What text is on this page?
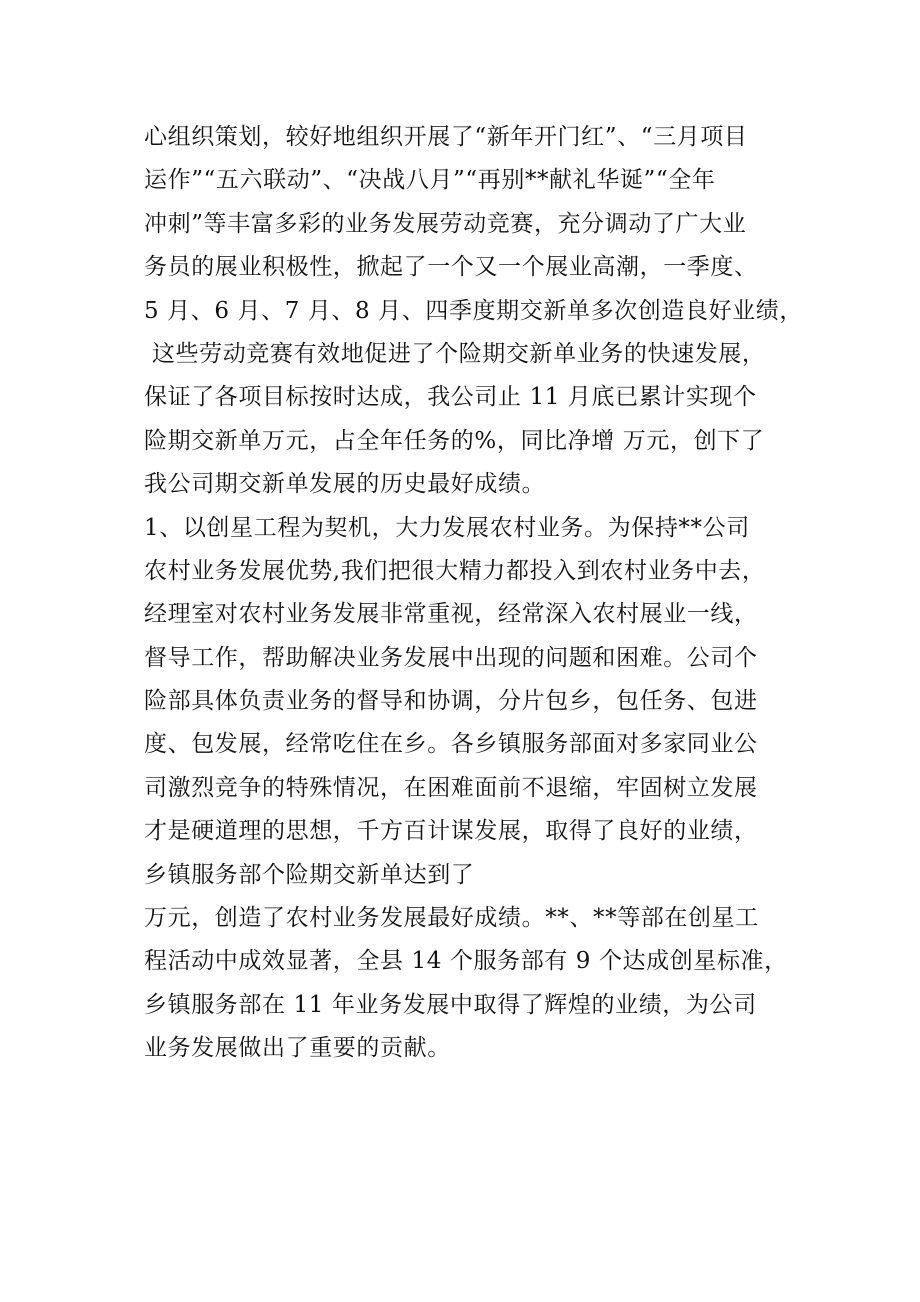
心组织策划，较好地组织开展了“新年开门红”、“三月项目
运作”“五六联动”、“决战八月”“再别**献礼华诞”“全年
冲刺”等丰富多彩的业务发展劳动竞赛，充分调动了广大业
务员的展业积极性，掀起了一个又一个展业高潮，一季度、
5 月、6 月、7 月、8 月、四季度期交新单多次创造良好业绩，
这些劳动竞赛有效地促进了个险期交新单业务的快速发展，
保证了各项目标按时达成，我公司止 11 月底已累计实现个
险期交新单万元，占全年任务的%，同比净增 万元，创下了
我公司期交新单发展的历史最好成绩。
1、以创星工程为契机，大力发展农村业务。为保持**公司
农村业务发展优势,我们把很大精力都投入到农村业务中去，
经理室对农村业务发展非常重视，经常深入农村展业一线，
督导工作，帮助解决业务发展中出现的问题和困难。公司个
险部具体负责业务的督导和协调，分片包乡，包任务、包进
度、包发展，经常吃住在乡。各乡镇服务部面对多家同业公
司激烈竞争的特殊情况，在困难面前不退缩，牢固树立发展
才是硬道理的思想，千方百计谋发展，取得了良好的业绩，
乡镇服务部个险期交新单达到了
万元，创造了农村业务发展最好成绩。**、**等部在创星工
程活动中成效显著，全县 14 个服务部有 9 个达成创星标准，
乡镇服务部在 11 年业务发展中取得了辉煌的业绩，为公司
业务发展做出了重要的贡献。
